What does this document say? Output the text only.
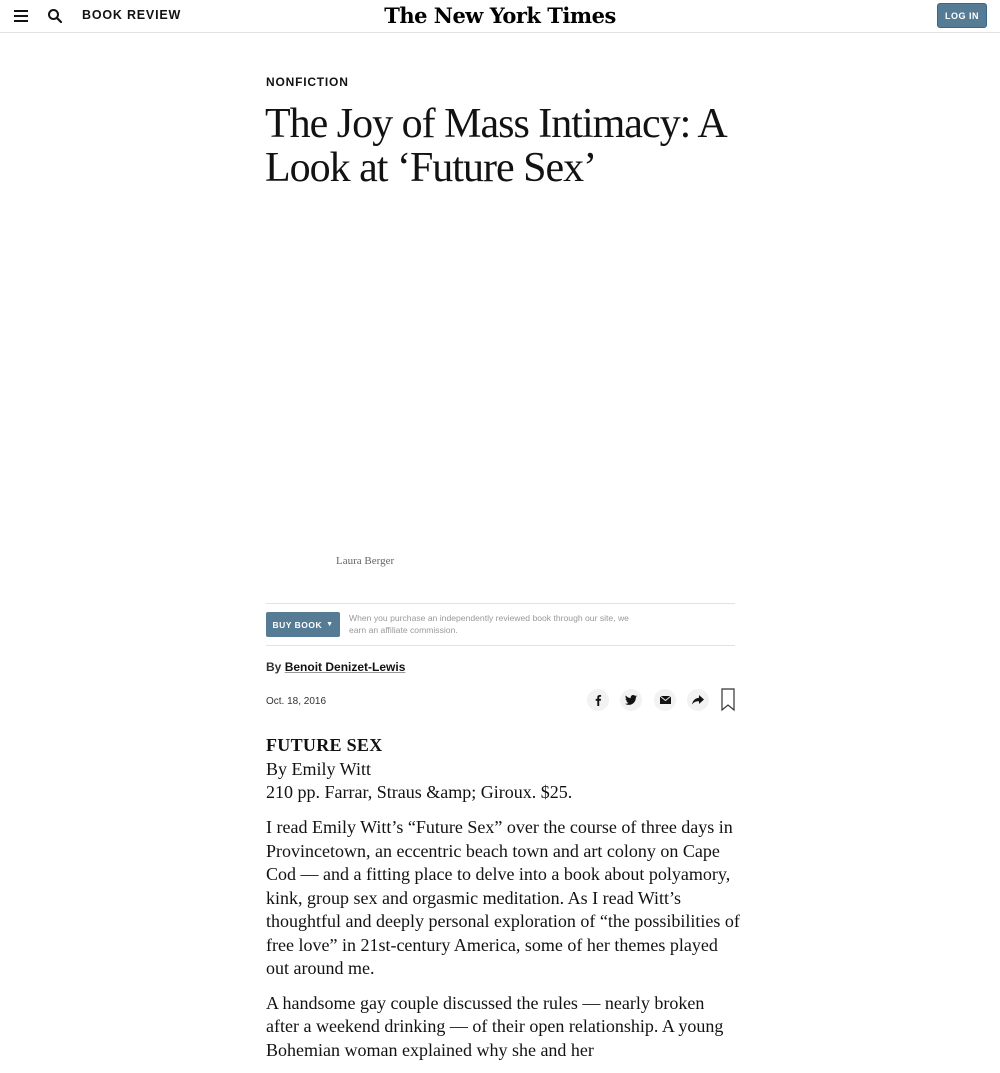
BOOK REVIEW	The New York Times	LOG IN
NONFICTION
The Joy of Mass Intimacy: A Look at ‘Future Sex’
Laura Berger
BUY BOOK ▼
When you purchase an independently reviewed book through our site, we earn an affiliate commission.
By Benoit Denizet-Lewis
Oct. 18, 2016
FUTURE SEX
By Emily Witt
210 pp. Farrar, Straus &amp; Giroux. $25.

I read Emily Witt’s “Future Sex” over the course of three days in Provincetown, an eccentric beach town and art colony on Cape Cod — and a fitting place to delve into a book about polyamory, kink, group sex and orgasmic meditation. As I read Witt’s thoughtful and deeply personal exploration of “the possibilities of free love” in 21st-century America, some of her themes played out around me.

A handsome gay couple discussed the rules — nearly broken after a weekend drinking — of their open relationship. A young Bohemian woman explained why she and her
